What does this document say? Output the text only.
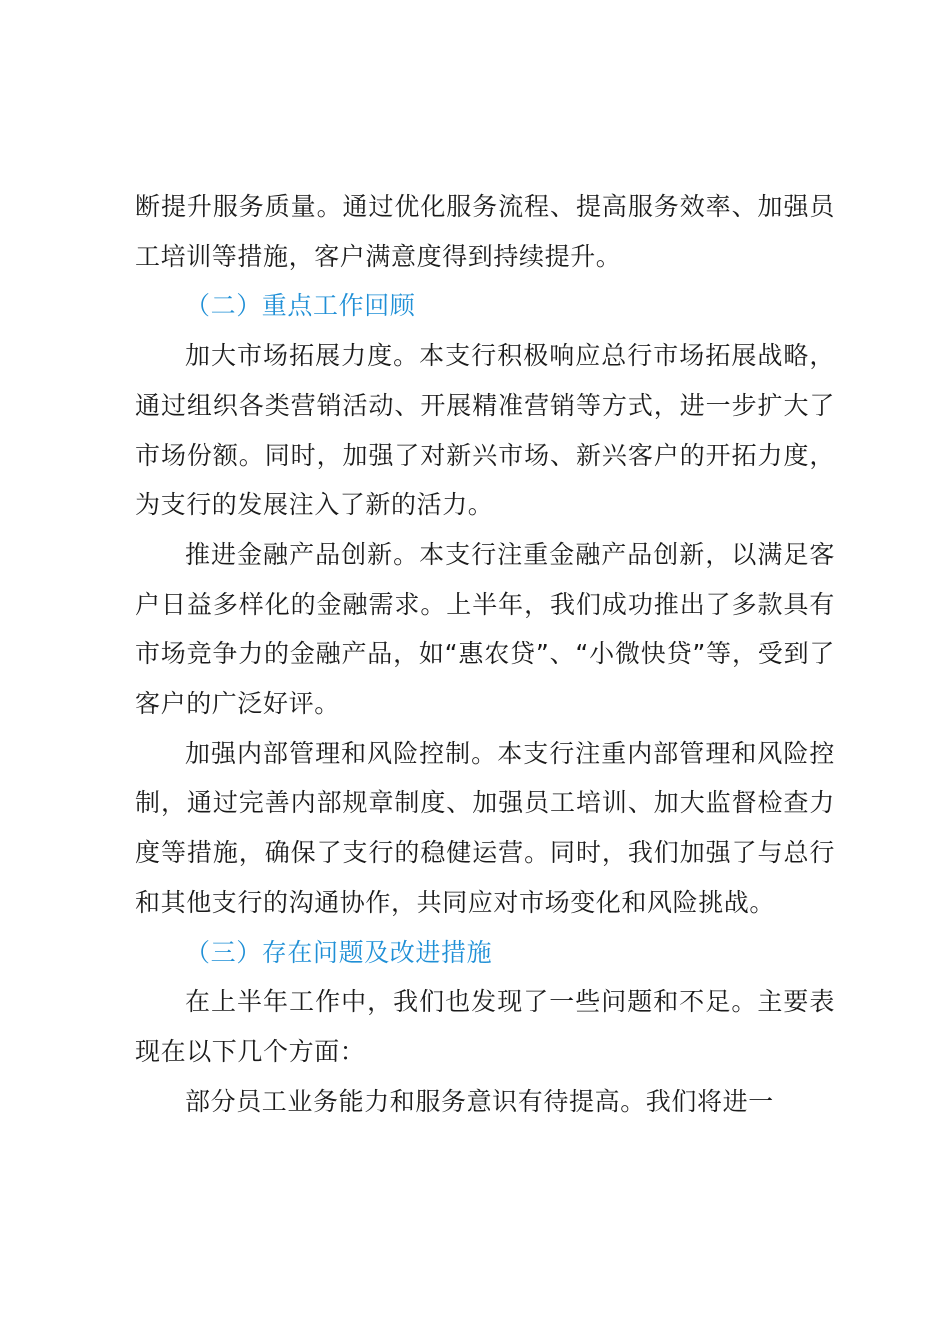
断提升服务质量。通过优化服务流程、提高服务效率、加强员工培训等措施，客户满意度得到持续提升。

（二）重点工作回顾

加大市场拓展力度。本支行积极响应总行市场拓展战略，通过组织各类营销活动、开展精准营销等方式，进一步扩大了市场份额。同时，加强了对新兴市场、新兴客户的开拓力度，为支行的发展注入了新的活力。

推进金融产品创新。本支行注重金融产品创新，以满足客户日益多样化的金融需求。上半年，我们成功推出了多款具有市场竞争力的金融产品，如“惠农贷”、“小微快贷”等，受到了客户的广泛好评。

加强内部管理和风险控制。本支行注重内部管理和风险控制，通过完善内部规章制度、加强员工培训、加大监督检查力度等措施，确保了支行的稳健运营。同时，我们加强了与总行和其他支行的沟通协作，共同应对市场变化和风险挑战。

（三）存在问题及改进措施

在上半年工作中，我们也发现了一些问题和不足。主要表现在以下几个方面：

部分员工业务能力和服务意识有待提高。我们将进一
